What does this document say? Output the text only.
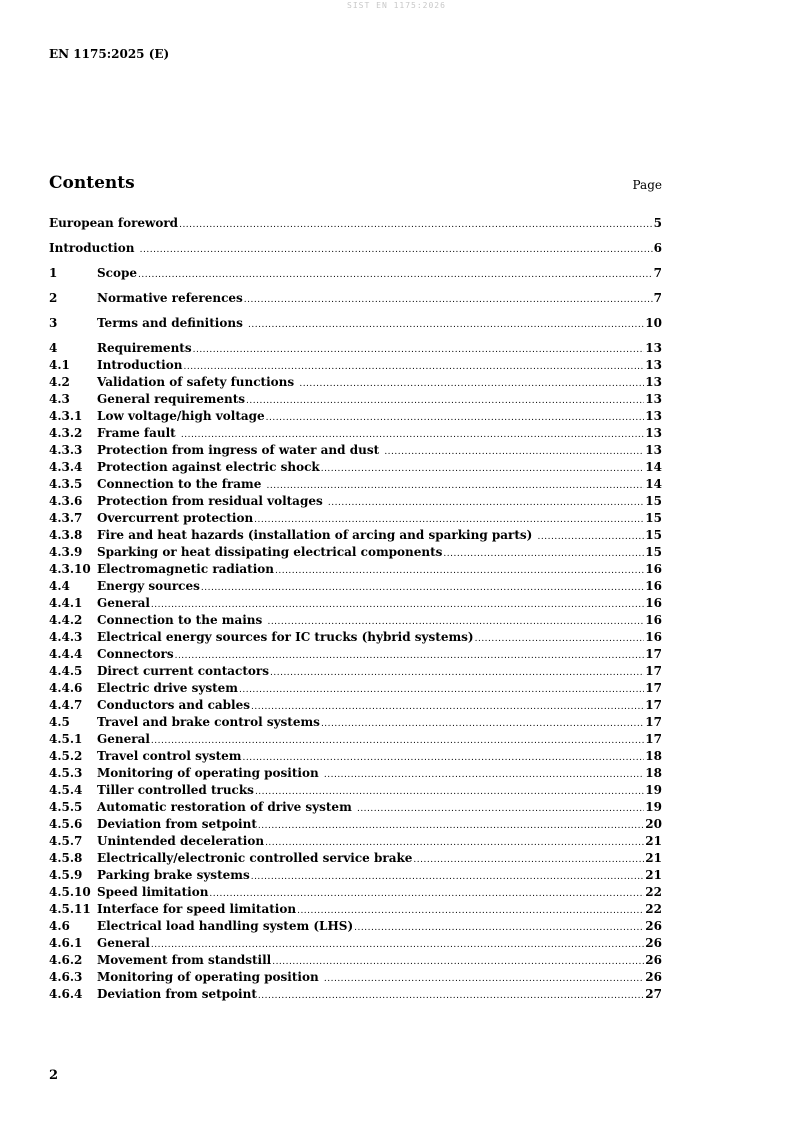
SIST EN 1175:2026
EN 1175:2025 (E)
Contents	Page
European foreword .....	5
Introduction .....	6
1	Scope .....	7
2	Normative references .....	7
3	Terms and definitions .....	10
4	Requirements .....	13
4.1	Introduction .....	13
4.2	Validation of safety functions .....	13
4.3	General requirements .....	13
4.3.1	Low voltage/high voltage .....	13
4.3.2	Frame fault .....	13
4.3.3	Protection from ingress of water and dust .....	13
4.3.4	Protection against electric shock .....	14
4.3.5	Connection to the frame .....	14
4.3.6	Protection from residual voltages .....	15
4.3.7	Overcurrent protection .....	15
4.3.8	Fire and heat hazards (installation of arcing and sparking parts) .....	15
4.3.9	Sparking or heat dissipating electrical components .....	15
4.3.10 Electromagnetic radiation .....	16
4.4	Energy sources .....	16
4.4.1	General .....	16
4.4.2	Connection to the mains .....	16
4.4.3	Electrical energy sources for IC trucks (hybrid systems) .....	16
4.4.4	Connectors .....	17
4.4.5	Direct current contactors .....	17
4.4.6	Electric drive system .....	17
4.4.7	Conductors and cables .....	17
4.5	Travel and brake control systems .....	17
4.5.1	General .....	17
4.5.2	Travel control system .....	18
4.5.3	Monitoring of operating position .....	18
4.5.4	Tiller controlled trucks .....	19
4.5.5	Automatic restoration of drive system .....	19
4.5.6	Deviation from setpoint .....	20
4.5.7	Unintended deceleration .....	21
4.5.8	Electrically/electronic controlled service brake .....	21
4.5.9	Parking brake systems .....	21
4.5.10 Speed limitation .....	22
4.5.11 Interface for speed limitation .....	22
4.6	Electrical load handling system (LHS) .....	26
4.6.1	General .....	26
4.6.2	Movement from standstill .....	26
4.6.3	Monitoring of operating position .....	26
4.6.4	Deviation from setpoint .....	27
2
